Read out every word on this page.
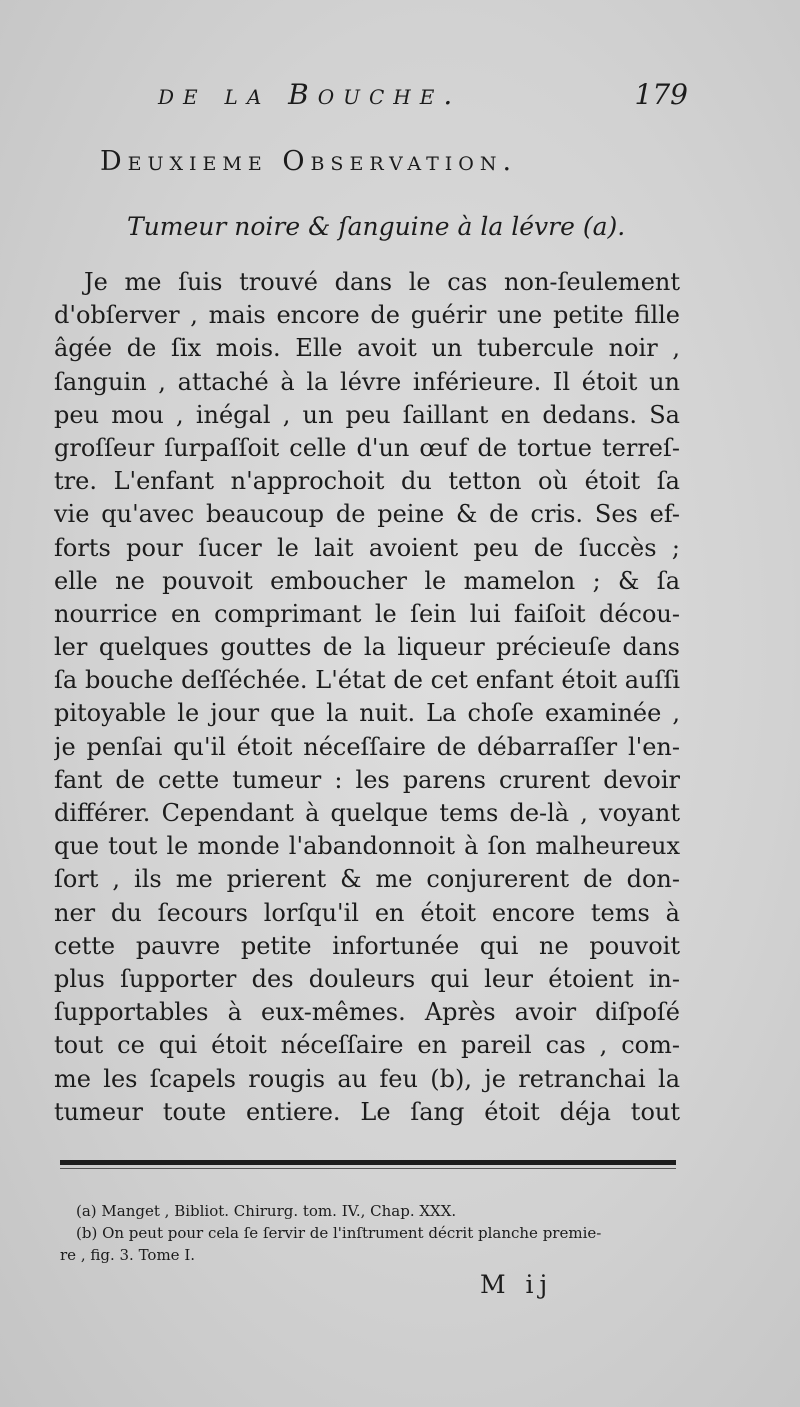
de la Bouche.	179
Deuxieme Observation.
Tumeur noire & ſanguine à la lévre (a).
Je me ſuis trouvé dans le cas non-ſeulement
d'obſerver , mais encore de guérir une petite fille
âgée de ſix mois. Elle avoit un tubercule noir ,
ſanguin , attaché à la lévre inférieure. Il étoit un
peu mou , inégal , un peu ſaillant en dedans. Sa
groſſeur ſurpaſſoit celle d'un œuf de tortue terreſ-
tre. L'enfant n'approchoit du tetton où étoit ſa
vie qu'avec beaucoup de peine & de cris. Ses ef-
forts pour ſucer le lait avoient peu de ſuccès ;
elle ne pouvoit emboucher le mamelon ; & ſa
nourrice en comprimant le ſein lui faiſoit décou-
ler quelques gouttes de la liqueur précieuſe dans
ſa bouche deſſéchée. L'état de cet enfant étoit auſſi
pitoyable le jour que la nuit. La choſe examinée ,
je penſai qu'il étoit néceſſaire de débarraſſer l'en-
fant de cette tumeur : les parens crurent devoir
différer. Cependant à quelque tems de-là , voyant
que tout le monde l'abandonnoit à ſon malheureux
ſort , ils me prierent & me conjurerent de don-
ner du ſecours lorſqu'il en étoit encore tems à
cette pauvre petite infortunée qui ne pouvoit
plus ſupporter des douleurs qui leur étoient in-
ſupportables à eux-mêmes. Après avoir diſpoſé
tout ce qui étoit néceſſaire en pareil cas , com-
me les ſcapels rougis au feu (b), je retranchai la
tumeur toute entiere. Le ſang étoit déja tout
(a) Manget , Bibliot. Chirurg. tom. IV., Chap. XXX.
(b) On peut pour cela ſe ſervir de l'inſtrument décrit planche premie-
re , fig. 3. Tome I.
M ij
